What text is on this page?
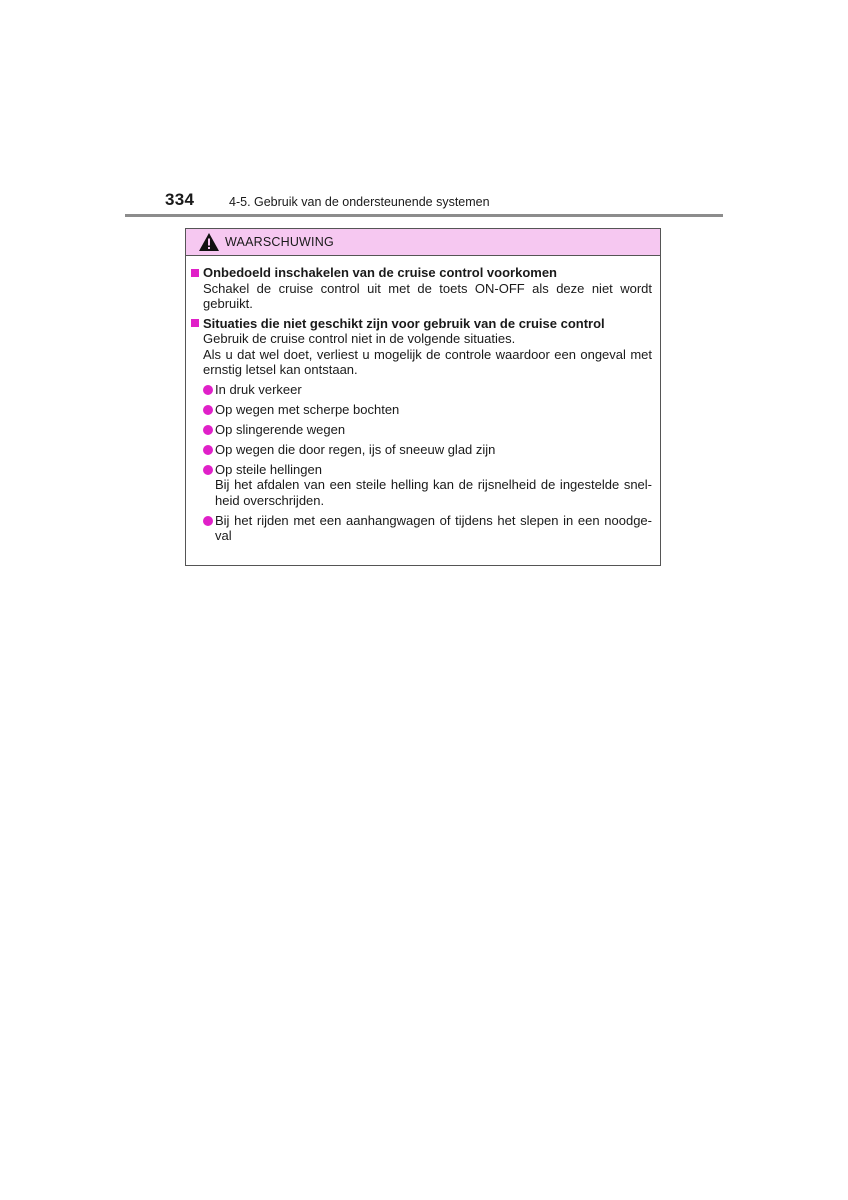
334	4-5. Gebruik van de ondersteunende systemen
WAARSCHUWING
Onbedoeld inschakelen van de cruise control voorkomen
Schakel de cruise control uit met de toets ON-OFF als deze niet wordt gebruikt.
Situaties die niet geschikt zijn voor gebruik van de cruise control
Gebruik de cruise control niet in de volgende situaties.
Als u dat wel doet, verliest u mogelijk de controle waardoor een ongeval met ernstig letsel kan ontstaan.
In druk verkeer
Op wegen met scherpe bochten
Op slingerende wegen
Op wegen die door regen, ijs of sneeuw glad zijn
Op steile hellingen
Bij het afdalen van een steile helling kan de rijsnelheid de ingestelde snel-heid overschrijden.
Bij het rijden met een aanhangwagen of tijdens het slepen in een noodge-val
